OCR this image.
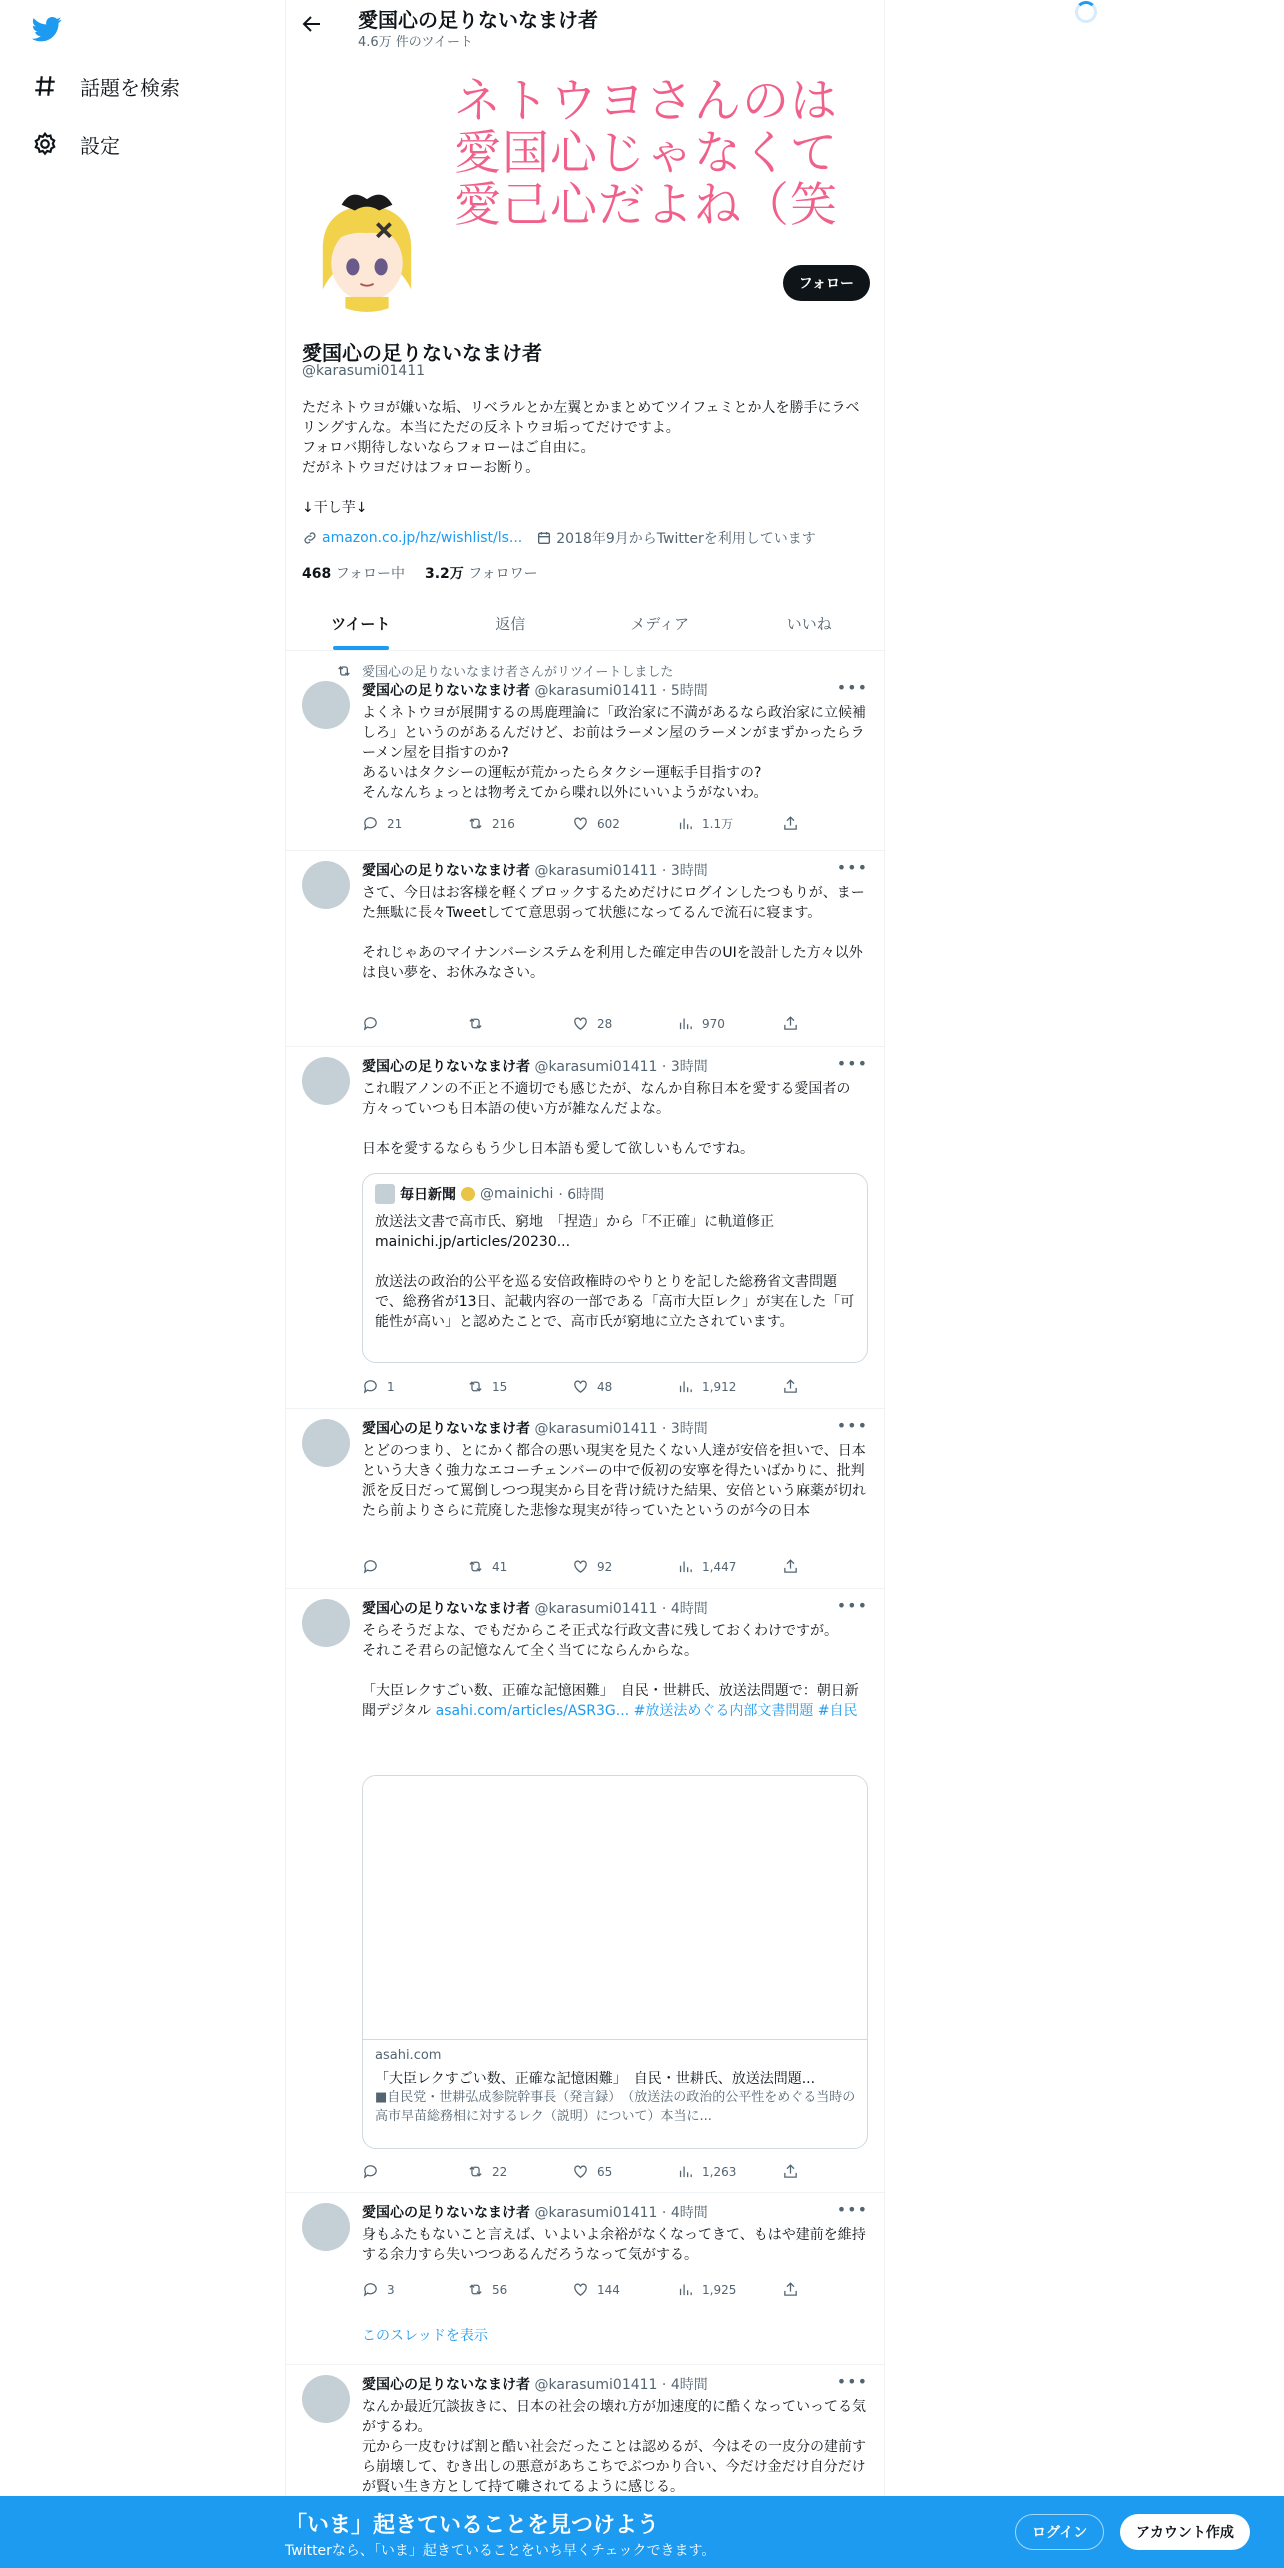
話題を検索
設定
愛国心の足りないなまけ者
4.6万 件のツイート
ネトウヨさんのは
愛国心じゃなくて
愛己心だよね（笑
フォロー
愛国心の足りないなまけ者
@karasumi01411
ただネトウヨが嫌いな垢、リベラルとか左翼とかまとめてツイフェミとか人を勝手にラベリングすんな。本当にただの反ネトウヨ垢ってだけですよ。
フォロバ期待しないならフォローはご自由に。
だがネトウヨだけはフォローお断り。

↓干し芋↓
amazon.co.jp/hz/wishlist/ls... 2018年9月からTwitterを利用しています
468 フォロー中 3.2万 フォロワー
ツイート	返信	メディア	いいね
愛国心の足りないなまけ者さんがリツイートしました
•••
愛国心の足りないなまけ者 @karasumi01411 · 5時間
よくネトウヨが展開するの馬鹿理論に「政治家に不満があるなら政治家に立候補しろ」というのがあるんだけど、お前はラーメン屋のラーメンがまずかったらラーメン屋を目指すのか?
あるいはタクシーの運転が荒かったらタクシー運転手目指すの?
そんなんちょっとは物考えてから喋れ以外にいいようがないわ。
21	216	602	1.1万
•••
愛国心の足りないなまけ者 @karasumi01411 · 3時間
さて、今日はお客様を軽くブロックするためだけにログインしたつもりが、まーた無駄に長々Tweetしてて意思弱って状態になってるんで流石に寝ます。

それじゃあのマイナンバーシステムを利用した確定申告のUIを設計した方々以外は良い夢を、お休みなさい。
28	970
•••
愛国心の足りないなまけ者 @karasumi01411 · 3時間
これ暇アノンの不正と不適切でも感じたが、なんか自称日本を愛する愛国者の方々っていつも日本語の使い方が雑なんだよな。

日本を愛するならもう少し日本語も愛して欲しいもんですね。
毎日新聞 @mainichi · 6時間
放送法文書で高市氏、窮地　「捏造」から「不正確」に軌道修正
mainichi.jp/articles/20230...

放送法の政治的公平を巡る安倍政権時のやりとりを記した総務省文書問題で、総務省が13日、記載内容の一部である「高市大臣レク」が実在した「可能性が高い」と認めたことで、高市氏が窮地に立たされています。
1	15	48	1,912
•••
愛国心の足りないなまけ者 @karasumi01411 · 3時間
とどのつまり、とにかく都合の悪い現実を見たくない人達が安倍を担いで、日本という大きく強力なエコーチェンバーの中で仮初の安寧を得たいばかりに、批判派を反日だって罵倒しつつ現実から目を背け続けた結果、安倍という麻薬が切れたら前よりさらに荒廃した悲惨な現実が待っていたというのが今の日本
41	92	1,447
•••
愛国心の足りないなまけ者 @karasumi01411 · 4時間
そらそうだよな、でもだからこそ正式な行政文書に残しておくわけですが。
それこそ君らの記憶なんて全く当てにならんからな。

「大臣レクすごい数、正確な記憶困難」　自民・世耕氏、放送法問題で：朝日新聞デジタル asahi.com/articles/ASR3G... #放送法めぐる内部文書問題 #自民
asahi.com
「大臣レクすごい数、正確な記憶困難」　自民・世耕氏、放送法問題...
■自民党・世耕弘成参院幹事長（発言録）　（放送法の政治的公平性をめぐる当時の高市早苗総務相に対するレク（説明）について）本当に...
22	65	1,263
•••
愛国心の足りないなまけ者 @karasumi01411 · 4時間
身もふたもないこと言えば、いよいよ余裕がなくなってきて、もはや建前を維持する余力すら失いつつあるんだろうなって気がする。
3	56	144	1,925
このスレッドを表示
•••
愛国心の足りないなまけ者 @karasumi01411 · 4時間
なんか最近冗談抜きに、日本の社会の壊れ方が加速度的に酷くなっていってる気がするわ。
元から一皮むけば割と酷い社会だったことは認めるが、今はその一皮分の建前すら崩壊して、むき出しの悪意があちこちでぶつかり合い、今だけ金だけ自分だけが賢い生き方として持て囃されてるように感じる。
「いま」起きていることを見つけよう
Twitterなら、「いま」起きていることをいち早くチェックできます。
ログイン	アカウント作成
